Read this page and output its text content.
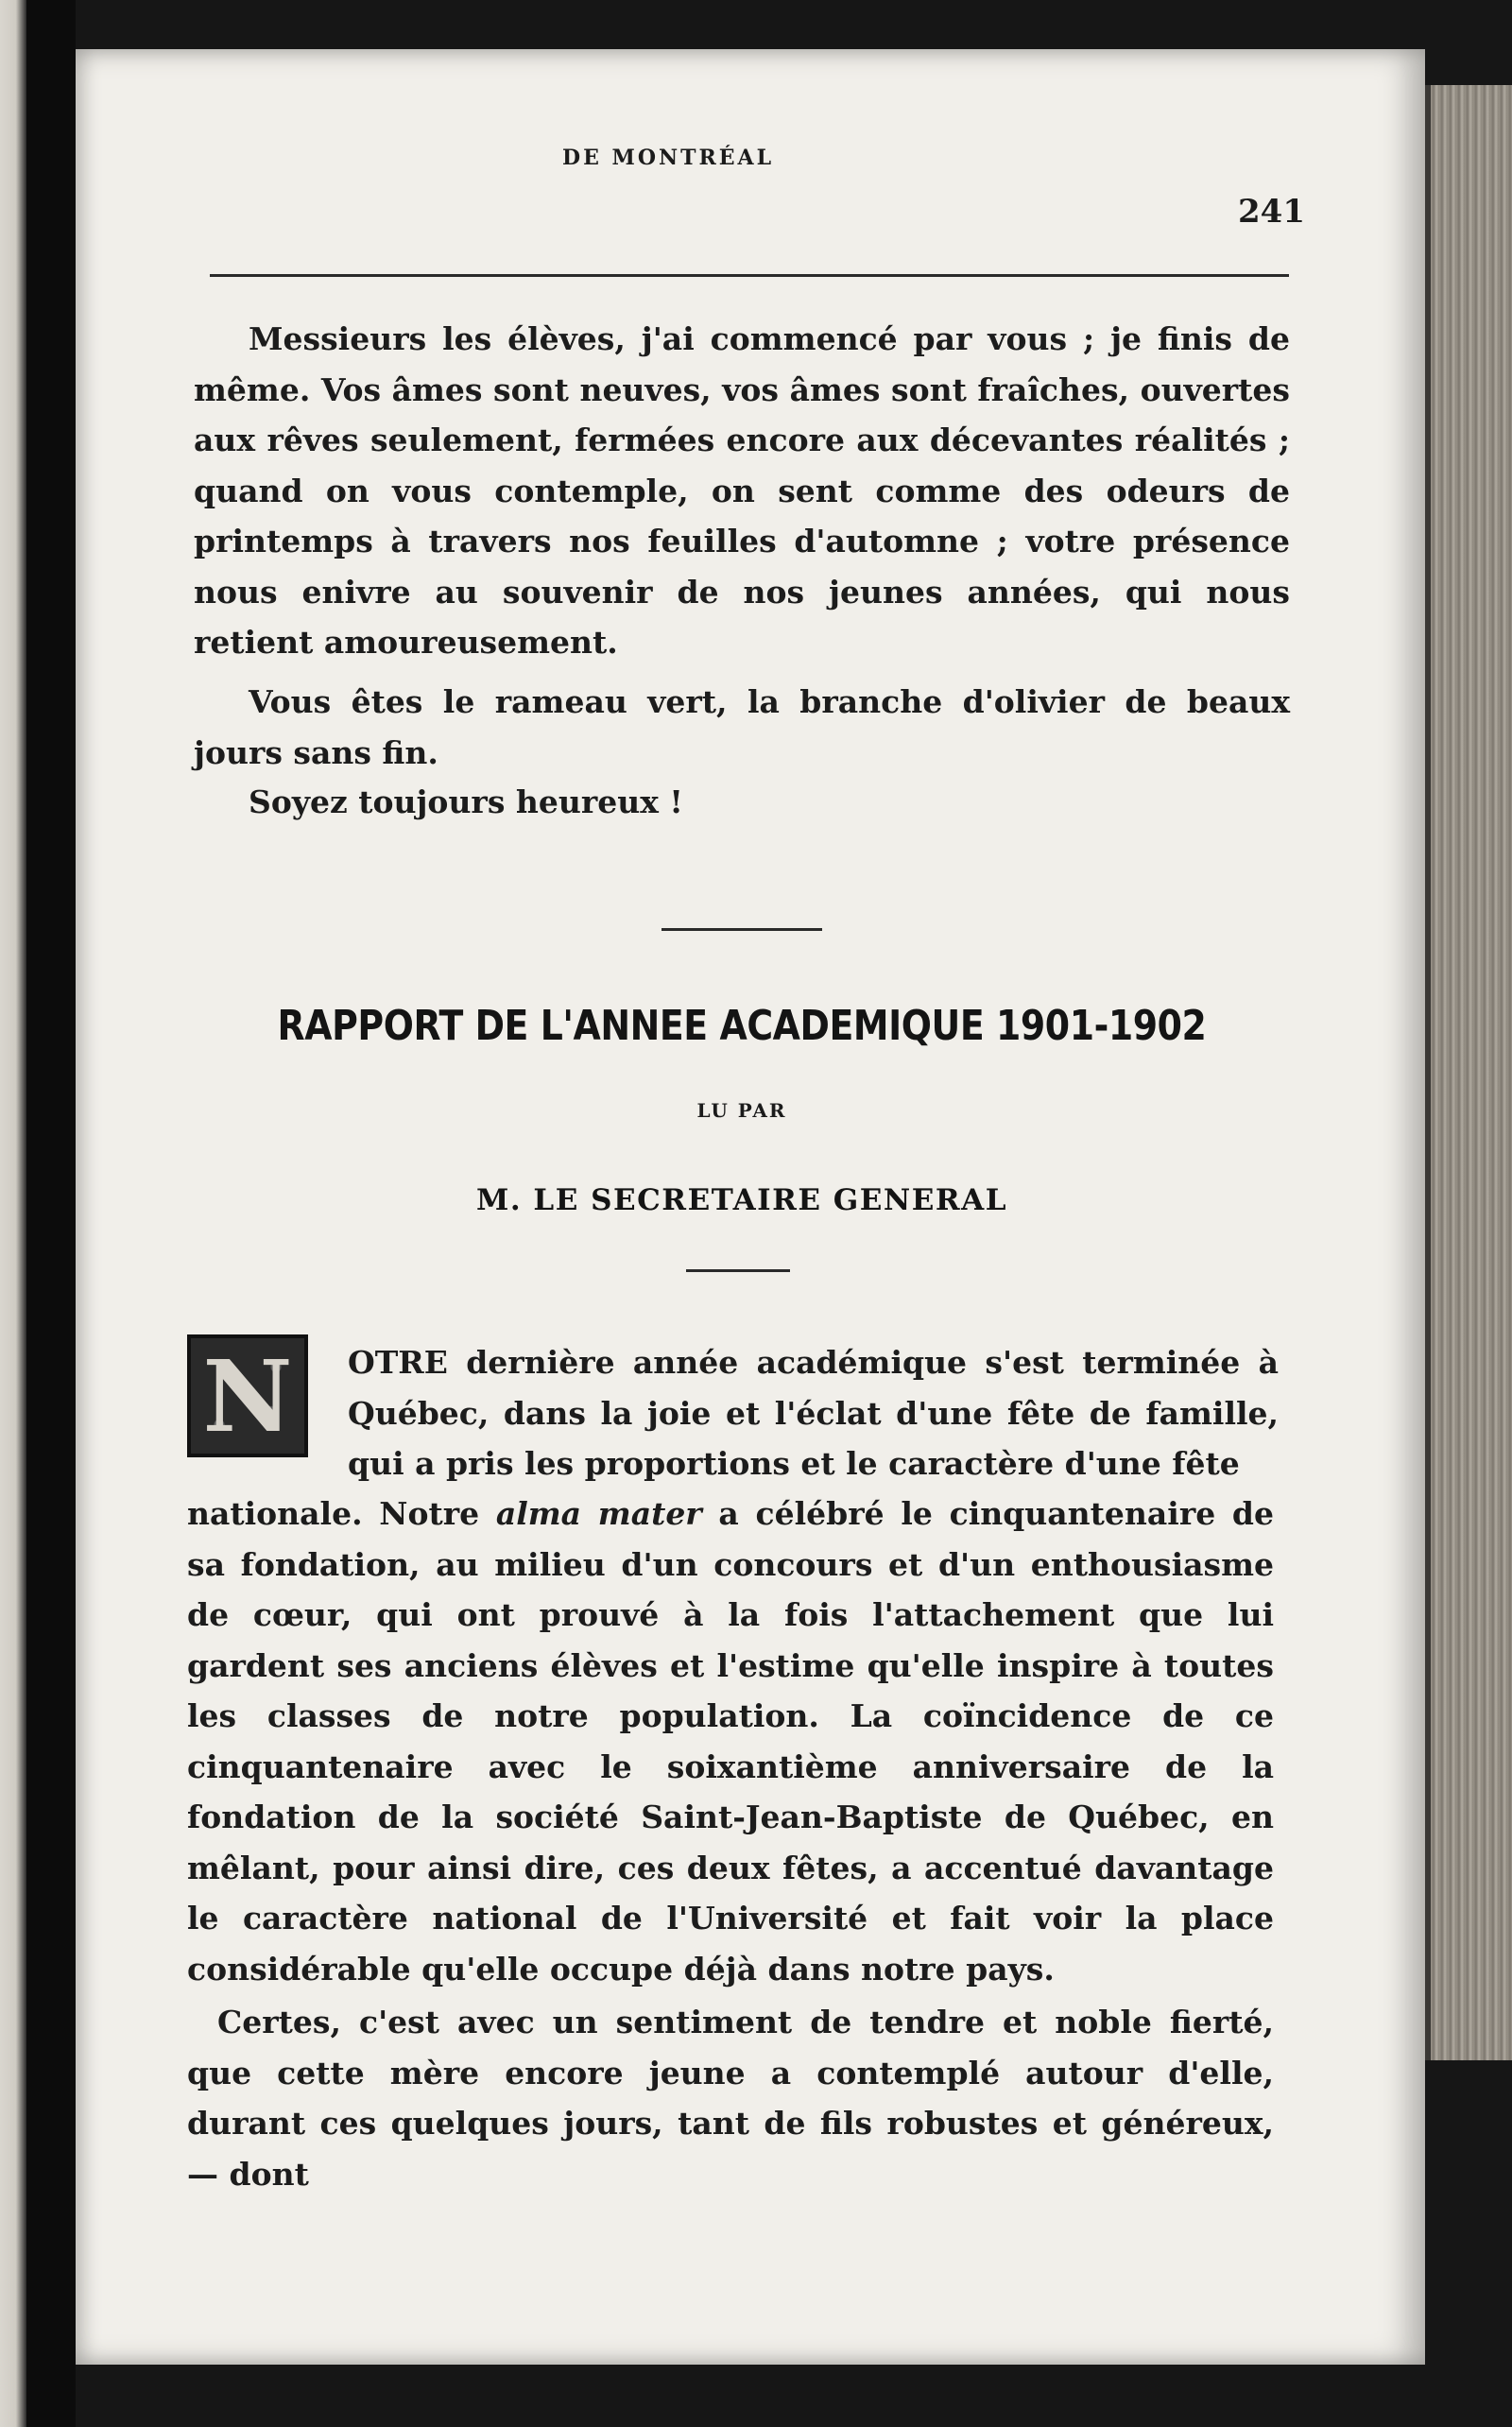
DE MONTRÉAL
241

Messieurs les élèves, j'ai commencé par vous ; je finis de même. Vos âmes sont neuves, vos âmes sont fraîches, ouvertes aux rêves seulement, fermées encore aux décevantes réalités ; quand on vous contemple, on sent comme des odeurs de printemps à travers nos feuilles d'automne ; votre présence nous enivre au souvenir de nos jeunes années, qui nous retient amoureusement.

Vous êtes le rameau vert, la branche d'olivier de beaux jours sans fin.

Soyez toujours heureux !

RAPPORT DE L'ANNEE ACADEMIQUE 1901-1902
LU PAR
M. LE SECRETAIRE GENERAL
N	OTRE dernière année académique s'est terminée à Québec, dans la joie et l'éclat d'une fête de famille, qui a pris les proportions et le caractère d'une fête

nationale. Notre alma mater a célébré le cinquantenaire de sa fondation, au milieu d'un concours et d'un enthousiasme de cœur, qui ont prouvé à la fois l'attachement que lui gardent ses anciens élèves et l'estime qu'elle inspire à toutes les classes de notre population. La coïncidence de ce cinquantenaire avec le soixantième anniversaire de la fondation de la société Saint-Jean-Baptiste de Québec, en mêlant, pour ainsi dire, ces deux fêtes, a accentué davantage le caractère national de l'Université et fait voir la place considérable qu'elle occupe déjà dans notre pays.

Certes, c'est avec un sentiment de tendre et noble fierté, que cette mère encore jeune a contemplé autour d'elle, durant ces quelques jours, tant de fils robustes et généreux, — dont
